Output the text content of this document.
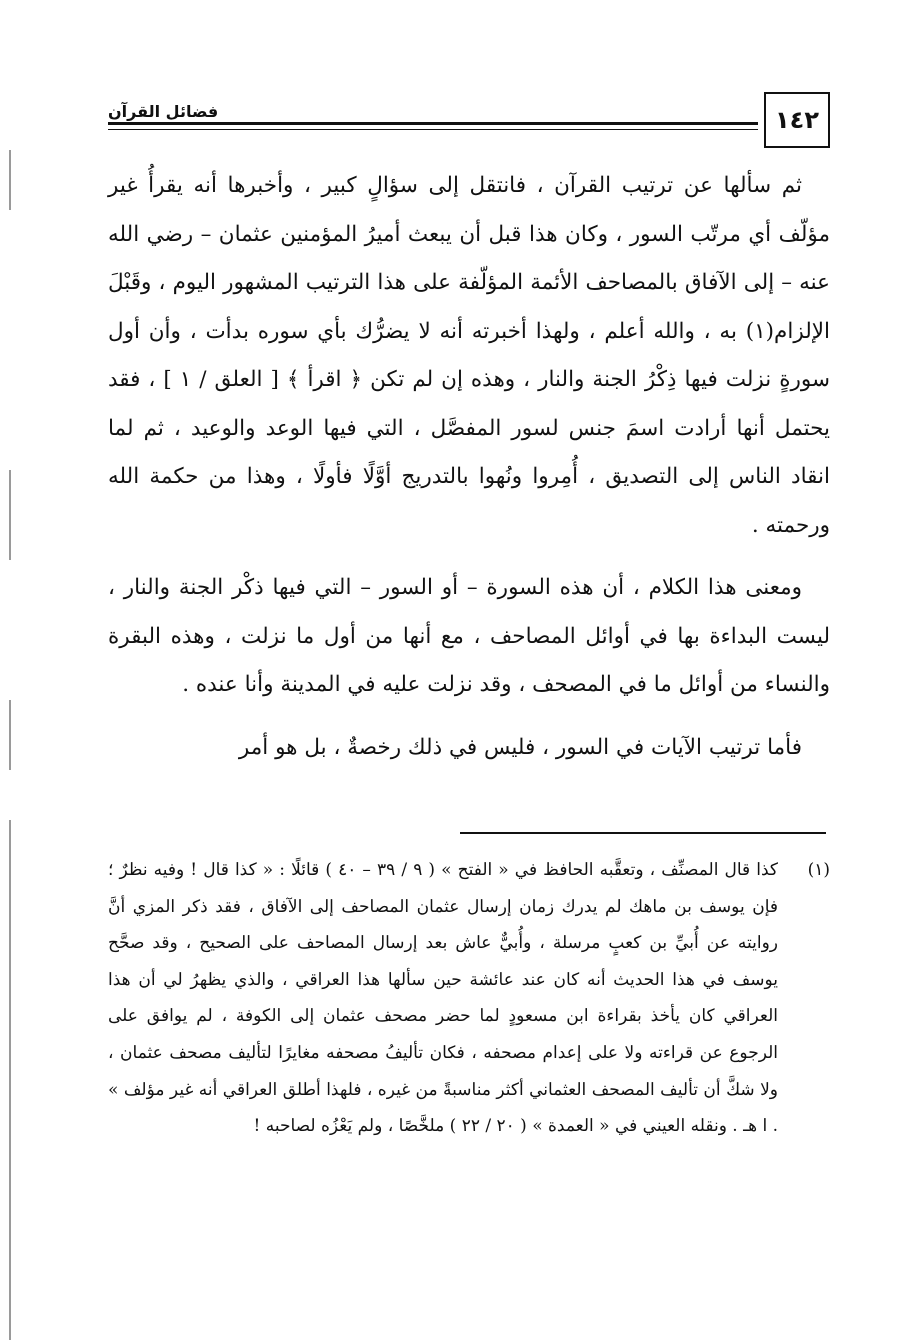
١٤٢
فضائل القرآن

ثم سألها عن ترتيب القرآن ، فانتقل إلى سؤالٍ كبير ، وأخبرها أنه يقرأُ غير مؤلّف أي مرتّب السور ، وكان هذا قبل أن يبعث أميرُ المؤمنين عثمان – رضي الله عنه – إلى الآفاق بالمصاحف الأئمة المؤلّفة على هذا الترتيب المشهور اليوم ، وقَبْلَ الإلزام(١) به ، والله أعلم ، ولهذا أخبرته أنه لا يضرُّك بأي سوره بدأت ، وأن أول سورةٍ نزلت فيها ذِكْرُ الجنة والنار ، وهذه إن لم تكن ﴿ اقرأ ﴾ [ العلق / ١ ] ، فقد يحتمل أنها أرادت اسمَ جنس لسور المفصَّل ، التي فيها الوعد والوعيد ، ثم لما انقاد الناس إلى التصديق ، أُمِروا ونُهوا بالتدريج أوَّلًا فأولًا ، وهذا من حكمة الله ورحمته .

ومعنى هذا الكلام ، أن هذه السورة – أو السور – التي فيها ذكْر الجنة والنار ، ليست البداءة بها في أوائل المصاحف ، مع أنها من أول ما نزلت ، وهذه البقرة والنساء من أوائل ما في المصحف ، وقد نزلت عليه في المدينة وأنا عنده .

فأما ترتيب الآيات في السور ، فليس في ذلك رخصةٌ ، بل هو أمر

(١)
كذا قال المصنِّف ، وتعقَّبه الحافظ في « الفتح » ( ٩ / ٣٩ – ٤٠ ) قائلًا : « كذا قال ! وفيه نظرٌ ؛ فإن يوسف بن ماهك لم يدرك زمان إرسال عثمان المصاحف إلى الآفاق ، فقد ذكر المزي أنَّ روايته عن أُبيِّ بن كعبٍ مرسلة ، وأُبيٌّ عاش بعد إرسال المصاحف على الصحيح ، وقد صحَّح يوسف في هذا الحديث أنه كان عند عائشة حين سألها هذا العراقي ، والذي يظهرُ لي أن هذا العراقي كان يأخذ بقراءة ابن مسعودٍ لما حضر مصحف عثمان إلى الكوفة ، لم يوافق على الرجوع عن قراءته ولا على إعدام مصحفه ، فكان تأليفُ مصحفه مغايرًا لتأليف مصحف عثمان ، ولا شكَّ أن تأليف المصحف العثماني أكثر مناسبةً من غيره ، فلهذا أطلق العراقي أنه غير مؤلف » . ا هـ . ونقله العيني في « العمدة » ( ٢٠ / ٢٢ ) ملخَّصًا ، ولم يَعْزُه لصاحبه !
